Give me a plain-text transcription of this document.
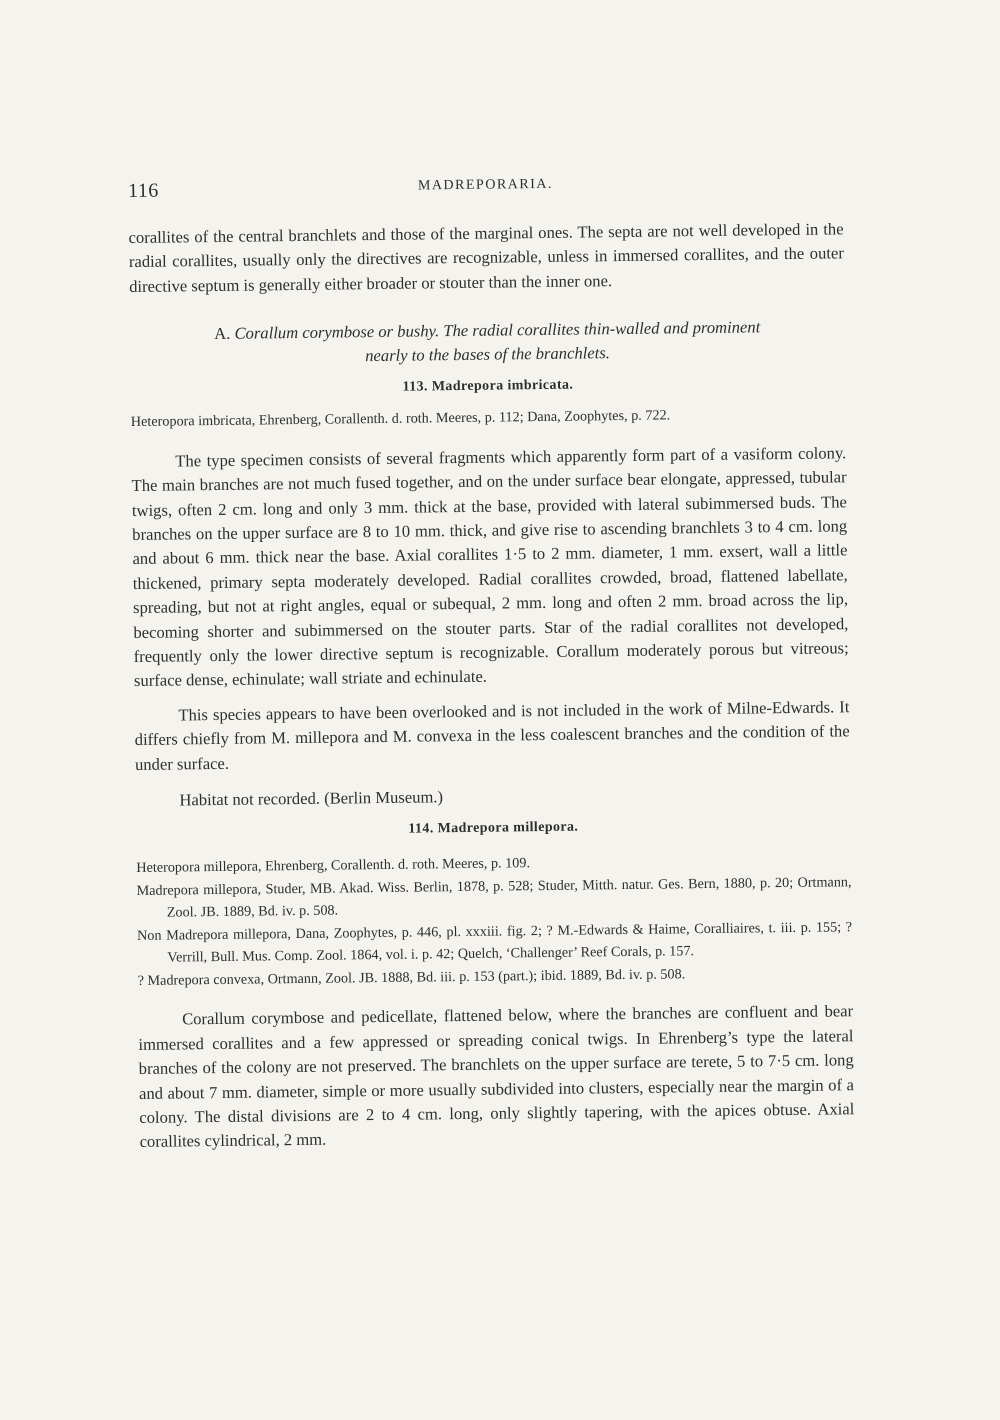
116	MADREPORARIA.

corallites of the central branchlets and those of the marginal ones. The septa are not well developed in the radial corallites, usually only the directives are recognizable, unless in immersed corallites, and the outer directive septum is generally either broader or stouter than the inner one.

A. Corallum corymbose or bushy. The radial corallites thin-walled and prominent
nearly to the bases of the branchlets.
113. Madrepora imbricata.

Heteropora imbricata, Ehrenberg, Corallenth. d. roth. Meeres, p. 112; Dana, Zoophytes, p. 722.

The type specimen consists of several fragments which apparently form part of a vasiform colony. The main branches are not much fused together, and on the under surface bear elongate, appressed, tubular twigs, often 2 cm. long and only 3 mm. thick at the base, provided with lateral subimmersed buds. The branches on the upper surface are 8 to 10 mm. thick, and give rise to ascending branchlets 3 to 4 cm. long and about 6 mm. thick near the base. Axial corallites 1·5 to 2 mm. diameter, 1 mm. exsert, wall a little thickened, primary septa moderately developed. Radial corallites crowded, broad, flattened labellate, spreading, but not at right angles, equal or subequal, 2 mm. long and often 2 mm. broad across the lip, becoming shorter and subimmersed on the stouter parts. Star of the radial corallites not developed, frequently only the lower directive septum is recognizable. Corallum moderately porous but vitreous; surface dense, echinulate; wall striate and echinulate.

This species appears to have been overlooked and is not included in the work of Milne-Edwards. It differs chiefly from M. millepora and M. convexa in the less coalescent branches and the condition of the under surface.

Habitat not recorded. (Berlin Museum.)

114. Madrepora millepora.

Heteropora millepora, Ehrenberg, Corallenth. d. roth. Meeres, p. 109.

Madrepora millepora, Studer, MB. Akad. Wiss. Berlin, 1878, p. 528; Studer, Mitth. natur. Ges. Bern, 1880, p. 20; Ortmann, Zool. JB. 1889, Bd. iv. p. 508.

Non Madrepora millepora, Dana, Zoophytes, p. 446, pl. xxxiii. fig. 2; ? M.-Edwards & Haime, Coralliaires, t. iii. p. 155; ? Verrill, Bull. Mus. Comp. Zool. 1864, vol. i. p. 42; Quelch, ‘Challenger’ Reef Corals, p. 157.

? Madrepora convexa, Ortmann, Zool. JB. 1888, Bd. iii. p. 153 (part.); ibid. 1889, Bd. iv. p. 508.

Corallum corymbose and pedicellate, flattened below, where the branches are confluent and bear immersed corallites and a few appressed or spreading conical twigs. In Ehrenberg’s type the lateral branches of the colony are not preserved. The branchlets on the upper surface are terete, 5 to 7·5 cm. long and about 7 mm. diameter, simple or more usually subdivided into clusters, especially near the margin of a colony. The distal divisions are 2 to 4 cm. long, only slightly tapering, with the apices obtuse. Axial corallites cylindrical, 2 mm.
